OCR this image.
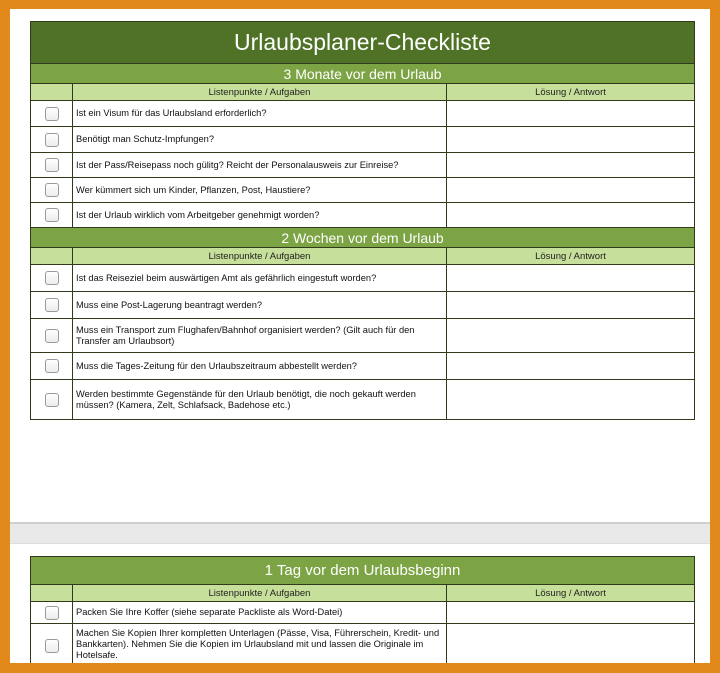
Urlaubsplaner-Checkliste
3 Monate vor dem Urlaub
Listenpunkte / Aufgaben	Lösung / Antwort
Ist ein Visum für das Urlaubsland erforderlich?
Benötigt man Schutz-Impfungen?
Ist der Pass/Reisepass noch gülitg? Reicht der Personalausweis zur Einreise?
Wer kümmert sich um Kinder, Pflanzen, Post, Haustiere?
Ist der Urlaub wirklich vom Arbeitgeber genehmigt worden?
2 Wochen vor dem Urlaub
Listenpunkte / Aufgaben	Lösung / Antwort
Ist das Reiseziel beim auswärtigen Amt als gefährlich eingestuft worden?
Muss eine Post-Lagerung beantragt werden?
Muss ein Transport zum Flughafen/Bahnhof organisiert werden? (Gilt auch für den Transfer am Urlaubsort)
Muss die Tages-Zeitung für den Urlaubszeitraum abbestellt werden?
Werden bestimmte Gegenstände für den Urlaub benötigt, die noch gekauft werden müssen? (Kamera, Zelt, Schlafsack, Badehose etc.)
1 Tag vor dem Urlaubsbeginn
Listenpunkte / Aufgaben	Lösung / Antwort
Packen Sie Ihre Koffer (siehe separate Packliste als Word-Datei)
Machen Sie Kopien Ihrer kompletten Unterlagen (Pässe, Visa, Führerschein, Kredit- und Bankkarten). Nehmen Sie die Kopien im Urlaubsland mit und lassen die Originale im Hotelsafe.
